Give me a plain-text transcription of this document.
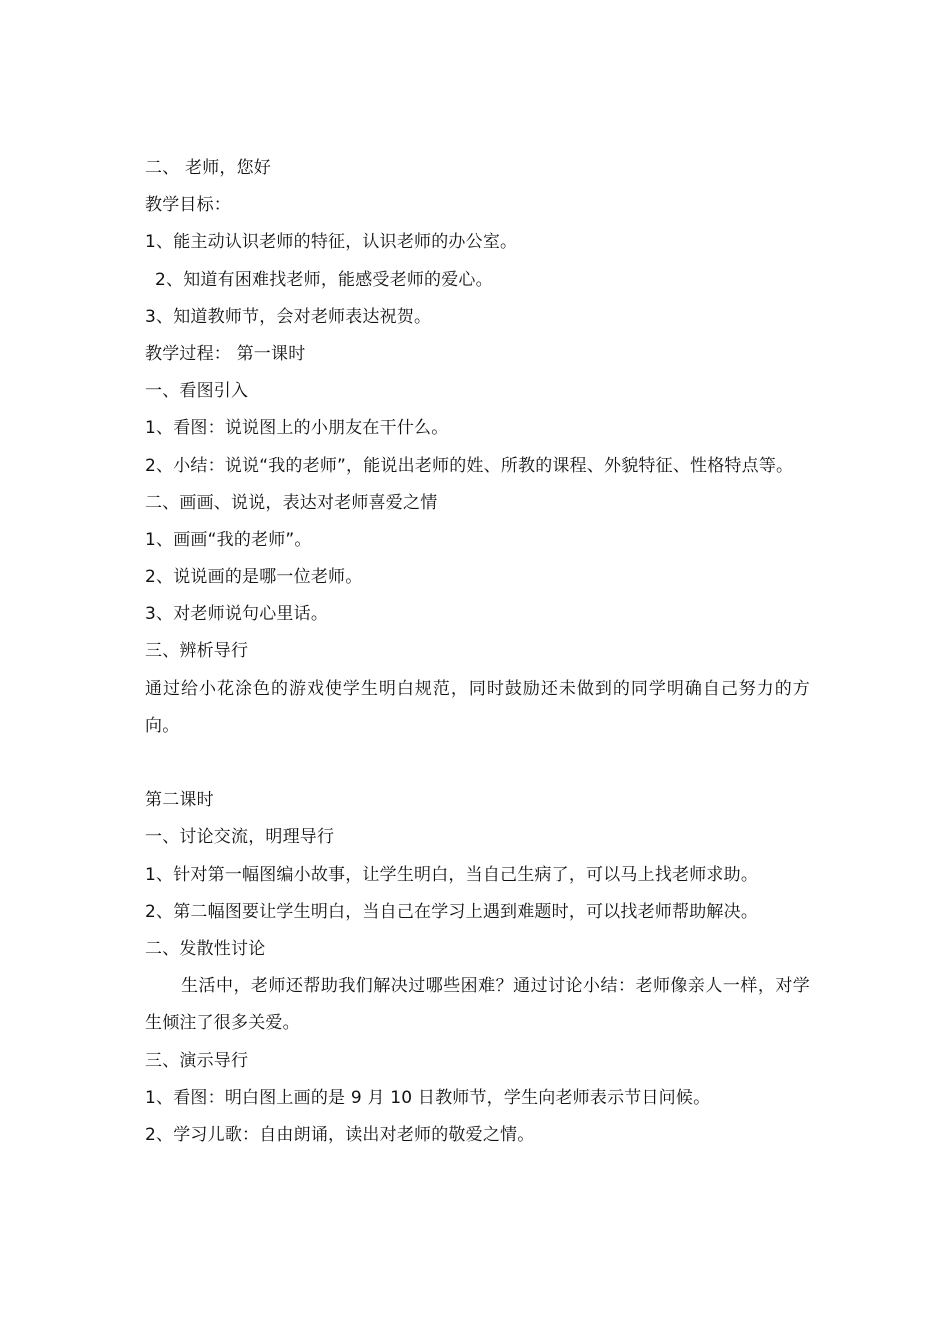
二、 老师，您好
教学目标：
1、能主动认识老师的特征，认识老师的办公室。
2、知道有困难找老师，能感受老师的爱心。
3、知道教师节，会对老师表达祝贺。
教学过程： 第一课时
一、看图引入
1、看图：说说图上的小朋友在干什么。
2、小结：说说“我的老师”，能说出老师的姓、所教的课程、外貌特征、性格特点等。
二、画画、说说，表达对老师喜爱之情
1、画画“我的老师”。
2、说说画的是哪一位老师。
3、对老师说句心里话。
三、辨析导行
通过给小花涂色的游戏使学生明白规范，同时鼓励还未做到的同学明确自己努力的方向。
第二课时
一、讨论交流，明理导行
1、针对第一幅图编小故事，让学生明白，当自己生病了，可以马上找老师求助。
2、第二幅图要让学生明白，当自己在学习上遇到难题时，可以找老师帮助解决。
二、发散性讨论
生活中，老师还帮助我们解决过哪些困难？通过讨论小结：老师像亲人一样，对学生倾注了很多关爱。
三、演示导行
1、看图：明白图上画的是 9 月 10 日教师节，学生向老师表示节日问候。
2、学习儿歌：自由朗诵，读出对老师的敬爱之情。
